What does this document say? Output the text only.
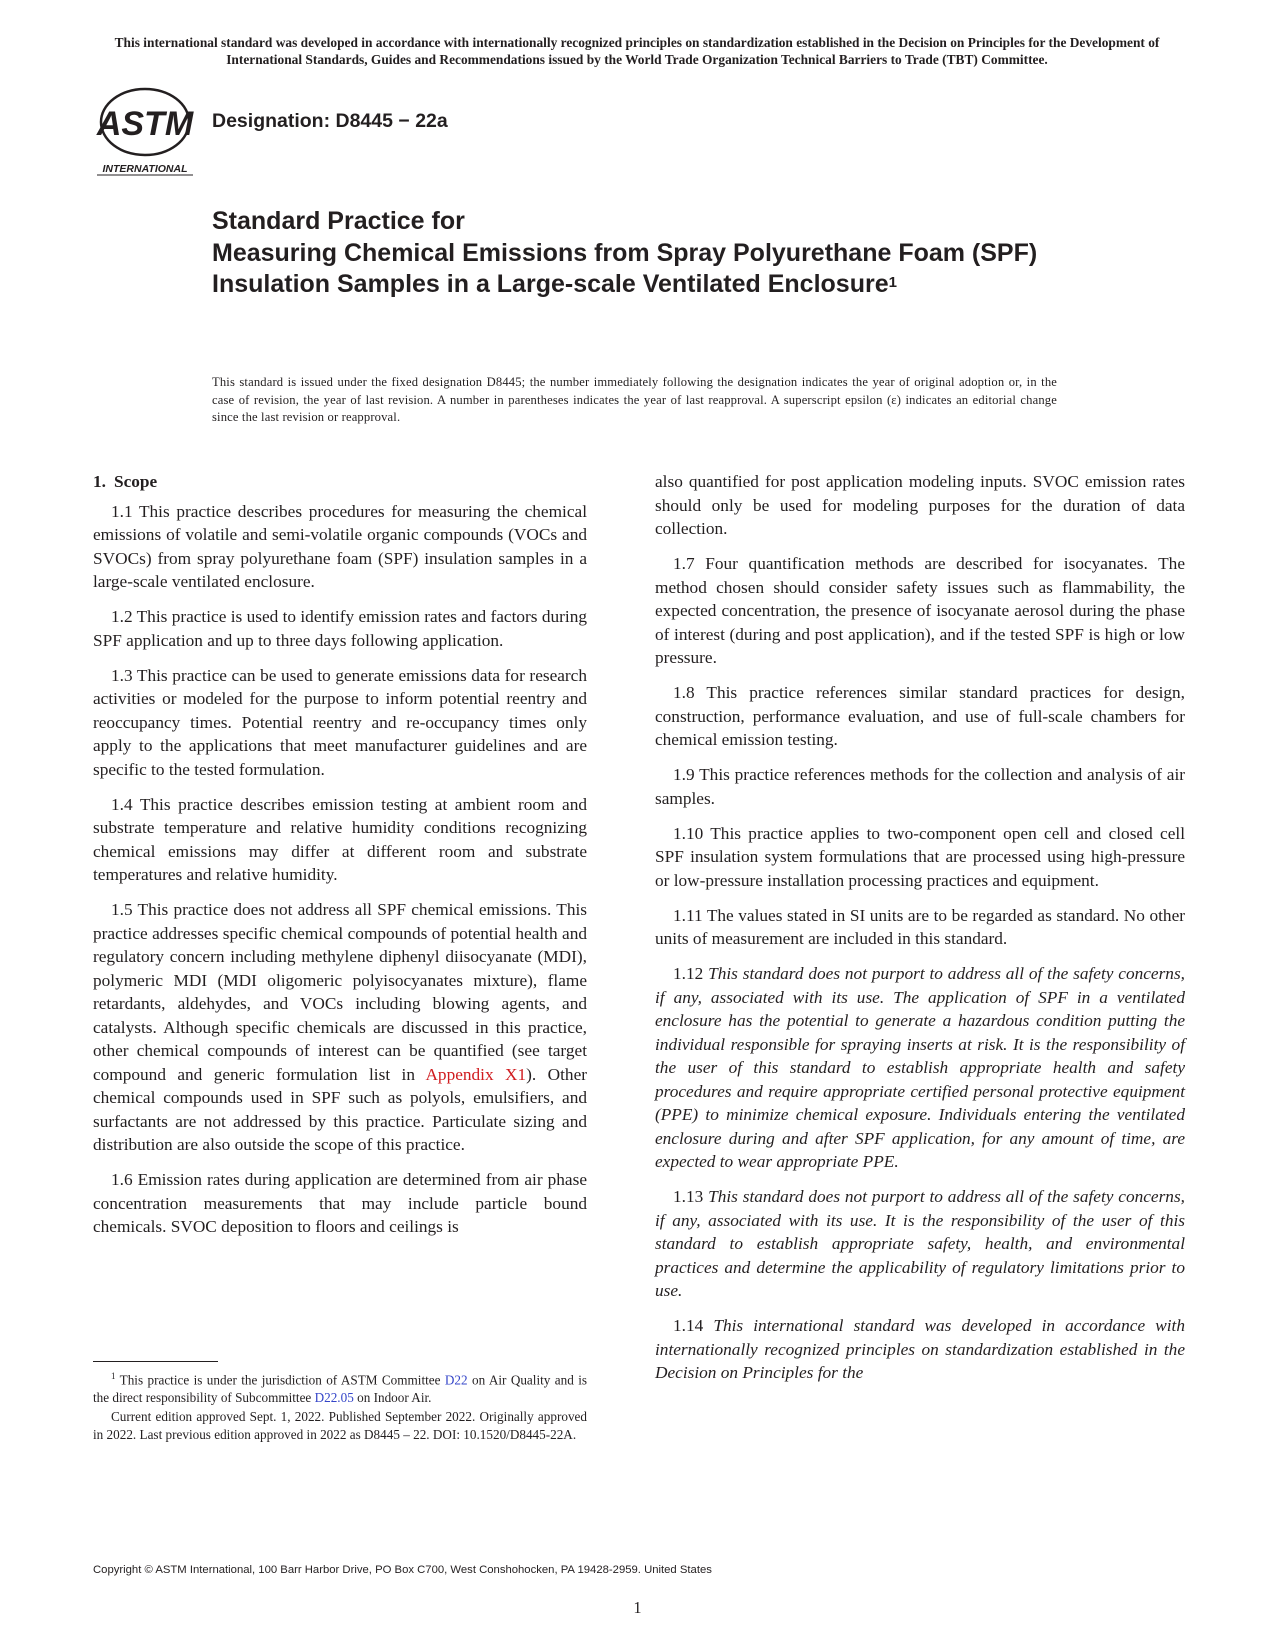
This international standard was developed in accordance with internationally recognized principles on standardization established in the Decision on Principles for the Development of International Standards, Guides and Recommendations issued by the World Trade Organization Technical Barriers to Trade (TBT) Committee.
ASTM
INTERNATIONAL
Designation: D8445 − 22a
Standard Practice for
Measuring Chemical Emissions from Spray Polyurethane Foam (SPF) Insulation Samples in a Large-scale Ventilated Enclosure$^1$
This standard is issued under the fixed designation D8445; the number immediately following the designation indicates the year of original adoption or, in the case of revision, the year of last revision. A number in parentheses indicates the year of last reapproval. A superscript epsilon (ε) indicates an editorial change since the last revision or reapproval.
1. Scope

1.1 This practice describes procedures for measuring the chemical emissions of volatile and semi-volatile organic compounds (VOCs and SVOCs) from spray polyurethane foam (SPF) insulation samples in a large-scale ventilated enclosure.

1.2 This practice is used to identify emission rates and factors during SPF application and up to three days following application.

1.3 This practice can be used to generate emissions data for research activities or modeled for the purpose to inform potential reentry and reoccupancy times. Potential reentry and re-occupancy times only apply to the applications that meet manufacturer guidelines and are specific to the tested formulation.

1.4 This practice describes emission testing at ambient room and substrate temperature and relative humidity conditions recognizing chemical emissions may differ at different room and substrate temperatures and relative humidity.

1.5 This practice does not address all SPF chemical emissions. This practice addresses specific chemical compounds of potential health and regulatory concern including methylene diphenyl diisocyanate (MDI), polymeric MDI (MDI oligomeric polyisocyanates mixture), flame retardants, aldehydes, and VOCs including blowing agents, and catalysts. Although specific chemicals are discussed in this practice, other chemical compounds of interest can be quantified (see target compound and generic formulation list in Appendix X1). Other chemical compounds used in SPF such as polyols, emulsifiers, and surfactants are not addressed by this practice. Particulate sizing and distribution are also outside the scope of this practice.

1.6 Emission rates during application are determined from air phase concentration measurements that may include particle bound chemicals. SVOC deposition to floors and ceilings is

also quantified for post application modeling inputs. SVOC emission rates should only be used for modeling purposes for the duration of data collection.

1.7 Four quantification methods are described for isocyanates. The method chosen should consider safety issues such as flammability, the expected concentration, the presence of isocyanate aerosol during the phase of interest (during and post application), and if the tested SPF is high or low pressure.

1.8 This practice references similar standard practices for design, construction, performance evaluation, and use of full-scale chambers for chemical emission testing.

1.9 This practice references methods for the collection and analysis of air samples.

1.10 This practice applies to two-component open cell and closed cell SPF insulation system formulations that are processed using high-pressure or low-pressure installation processing practices and equipment.

1.11 The values stated in SI units are to be regarded as standard. No other units of measurement are included in this standard.

1.12 This standard does not purport to address all of the safety concerns, if any, associated with its use. The application of SPF in a ventilated enclosure has the potential to generate a hazardous condition putting the individual responsible for spraying inserts at risk. It is the responsibility of the user of this standard to establish appropriate health and safety procedures and require appropriate certified personal protective equipment (PPE) to minimize chemical exposure. Individuals entering the ventilated enclosure during and after SPF application, for any amount of time, are expected to wear appropriate PPE.

1.13 This standard does not purport to address all of the safety concerns, if any, associated with its use. It is the responsibility of the user of this standard to establish appropriate safety, health, and environmental practices and determine the applicability of regulatory limitations prior to use.

1.14 This international standard was developed in accordance with internationally recognized principles on standardization established in the Decision on Principles for the

$^1$ This practice is under the jurisdiction of ASTM Committee D22 on Air Quality and is the direct responsibility of Subcommittee D22.05 on Indoor Air.

Current edition approved Sept. 1, 2022. Published September 2022. Originally approved in 2022. Last previous edition approved in 2022 as D8445 – 22. DOI: 10.1520/D8445-22A.

Copyright © ASTM International, 100 Barr Harbor Drive, PO Box C700, West Conshohocken, PA 19428-2959. United States
1
